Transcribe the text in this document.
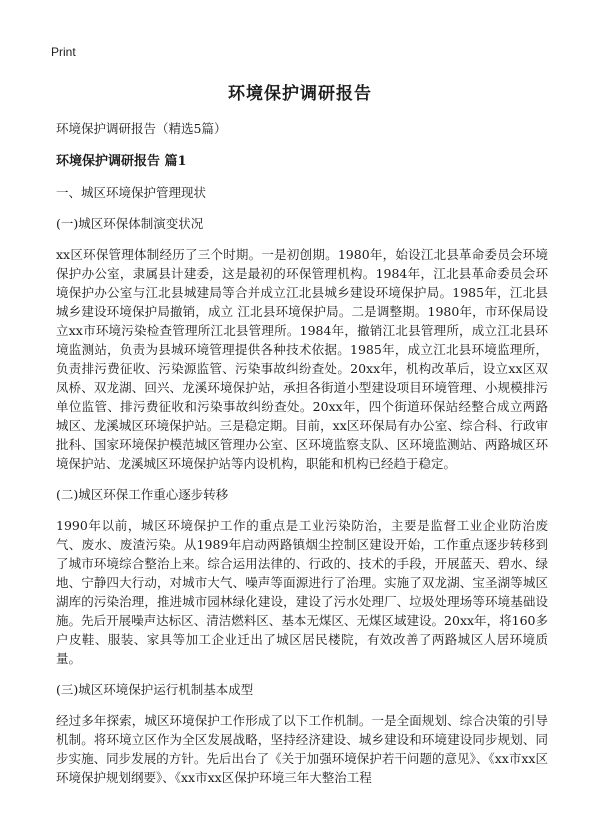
Print
环境保护调研报告

环境保护调研报告（精选5篇）

环境保护调研报告 篇1

一、城区环境保护管理现状

(一)城区环保体制演变状况

xx区环保管理体制经历了三个时期。一是初创期。1980年，始设江北县革命委员会环境保护办公室，隶属县计建委，这是最初的环保管理机构。1984年，江北县革命委员会环境保护办公室与江北县城建局等合并成立江北县城乡建设环境保护局。1985年，江北县城乡建设环境保护局撤销，成立 江北县环境保护局。二是调整期。1980年，市环保局设立xx市环境污染检查管理所江北县管理所。1984年，撤销江北县管理所，成立江北县环境监测站，负责为县城环境管理提供各种技术依据。1985年，成立江北县环境监理所，负责排污费征收、污染源监管、污染事故纠纷查处。20xx年，机构改革后，设立xx区双凤桥、双龙湖、回兴、龙溪环境保护站，承担各街道小型建设项目环境管理、小规模排污单位监管、排污费征收和污染事故纠纷查处。20xx年，四个街道环保站经整合成立两路城区、龙溪城区环境保护站。三是稳定期。目前，xx区环保局有办公室、综合科、行政审批科、国家环境保护模范城区管理办公室、区环境监察支队、区环境监测站、两路城区环境保护站、龙溪城区环境保护站等内设机构，职能和机构已经趋于稳定。

(二)城区环保工作重心逐步转移

1990年以前，城区环境保护工作的重点是工业污染防治，主要是监督工业企业防治废气、废水、废渣污染。从1989年启动两路镇烟尘控制区建设开始，工作重点逐步转移到了城市环境综合整治上来。综合运用法律的、行政的、技术的手段，开展蓝天、碧水、绿地、宁静四大行动，对城市大气、噪声等面源进行了治理。实施了双龙湖、宝圣湖等城区湖库的污染治理，推进城市园林绿化建设，建设了污水处理厂、垃圾处理场等环境基础设施。先后开展噪声达标区、清洁燃料区、基本无煤区、无煤区域建设。20xx年，将160多户皮鞋、服装、家具等加工企业迁出了城区居民楼院，有效改善了两路城区人居环境质量。

(三)城区环境保护运行机制基本成型

经过多年探索，城区环境保护工作形成了以下工作机制。一是全面规划、综合决策的引导机制。将环境立区作为全区发展战略，坚持经济建设、城乡建设和环境建设同步规划、同步实施、同步发展的方针。先后出台了《关于加强环境保护若干问题的意见》、《xx市xx区环境保护规划纲要》、《xx市xx区保护环境三年大整治工程
